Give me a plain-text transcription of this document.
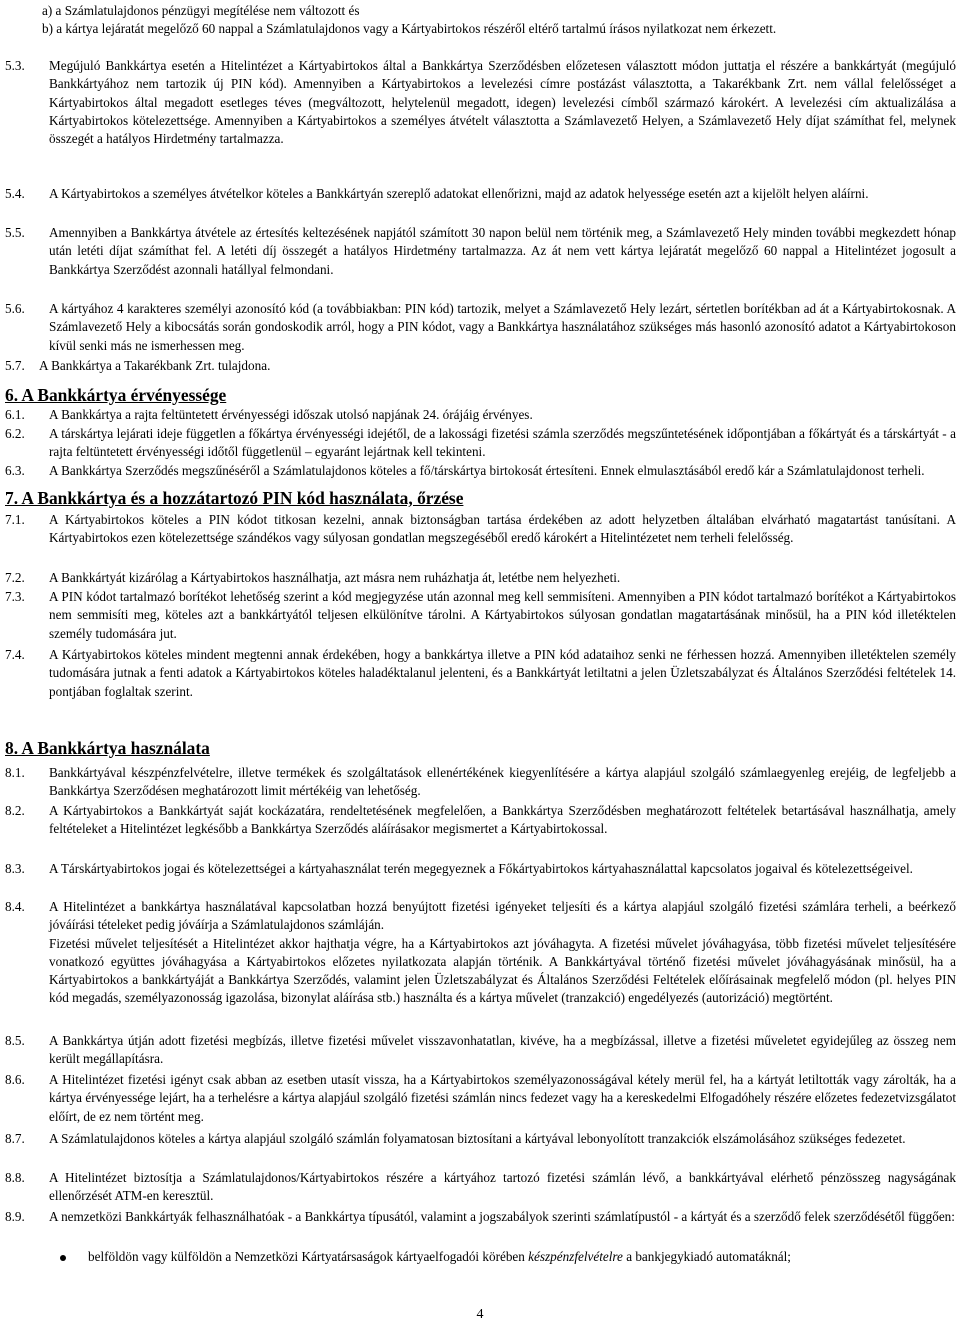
a) a Számlatulajdonos pénzügyi megítélése nem változott és
b) a kártya lejáratát megelőző 60 nappal a Számlatulajdonos vagy a Kártyabirtokos részéről eltérő tartalmú írásos nyilatkozat nem érkezett.
5.3.	Megújuló Bankkártya esetén a Hitelintézet a Kártyabirtokos által a Bankkártya Szerződésben előzetesen választott módon juttatja el részére a bankkártyát (megújuló Bankkártyához nem tartozik új PIN kód). Amennyiben a Kártyabirtokos a levelezési címre postázást választotta, a Takarékbank Zrt. nem vállal felelősséget a Kártyabirtokos által megadott esetleges téves (megváltozott, helytelenül megadott, idegen) levelezési címből származó károkért. A levelezési cím aktualizálása a Kártyabirtokos kötelezettsége. Amennyiben a Kártyabirtokos a személyes átvételt választotta a Számlavezető Helyen, a Számlavezető Hely díjat számíthat fel, melynek összegét a hatályos Hirdetmény tartalmazza.

5.4.	A Kártyabirtokos a személyes átvételkor köteles a Bankkártyán szereplő adatokat ellenőrizni, majd az adatok helyessége esetén azt a kijelölt helyen aláírni.

5.5.	Amennyiben a Bankkártya átvétele az értesítés keltezésének napjától számított 30 napon belül nem történik meg, a Számlavezető Hely minden további megkezdett hónap után letéti díjat számíthat fel. A letéti díj összegét a hatályos Hirdetmény tartalmazza. Az át nem vett kártya lejáratát megelőző 60 nappal a Hitelintézet jogosult a Bankkártya Szerződést azonnali hatállyal felmondani.

5.6.	A kártyához 4 karakteres személyi azonosító kód (a továbbiakban: PIN kód) tartozik, melyet a Számlavezető Hely lezárt, sértetlen borítékban ad át a Kártyabirtokosnak. A Számlavezető Hely a kibocsátás során gondoskodik arról, hogy a PIN kódot, vagy a Bankkártya használatához szükséges más hasonló azonosító adatot a Kártyabirtokoson kívül senki más ne ismerhessen meg.

5.7.	A Bankkártya a Takarékbank Zrt. tulajdona.

6. A Bankkártya érvényessége
6.1.	A Bankkártya a rajta feltüntetett érvényességi időszak utolsó napjának 24. órájáig érvényes.

6.2.	A társkártya lejárati ideje független a főkártya érvényességi idejétől, de a lakossági fizetési számla szerződés megszűntetésének időpontjában a főkártyát és a társkártyát - a rajta feltüntetett érvényességi időtől függetlenül – egyaránt lejártnak kell tekinteni.

6.3.	A Bankkártya Szerződés megszűnéséről a Számlatulajdonos köteles a fő/társkártya birtokosát értesíteni. Ennek elmulasztásából eredő kár a Számlatulajdonost terheli.

7. A Bankkártya és a hozzátartozó PIN kód használata, őrzése
7.1.	A Kártyabirtokos köteles a PIN kódot titkosan kezelni, annak biztonságban tartása érdekében az adott helyzetben általában elvárható magatartást tanúsítani. A Kártyabirtokos ezen kötelezettsége szándékos vagy súlyosan gondatlan megszegéséből eredő károkért a Hitelintézetet nem terheli felelősség.

7.2.	A Bankkártyát kizárólag a Kártyabirtokos használhatja, azt másra nem ruházhatja át, letétbe nem helyezheti.

7.3.	A PIN kódot tartalmazó borítékot lehetőség szerint a kód megjegyzése után azonnal meg kell semmisíteni. Amennyiben a PIN kódot tartalmazó borítékot a Kártyabirtokos nem semmisíti meg, köteles azt a bankkártyától teljesen elkülönítve tárolni. A Kártyabirtokos súlyosan gondatlan magatartásának minősül, ha a PIN kód illetéktelen személy tudomására jut.

7.4.	A Kártyabirtokos köteles mindent megtenni annak érdekében, hogy a bankkártya illetve a PIN kód adataihoz senki ne férhessen hozzá. Amennyiben illetéktelen személy tudomására jutnak a fenti adatok a Kártyabirtokos köteles haladéktalanul jelenteni, és a Bankkártyát letiltatni a jelen Üzletszabályzat és Általános Szerződési feltételek 14. pontjában foglaltak szerint.

8. A Bankkártya használata
8.1.	Bankkártyával készpénzfelvételre, illetve termékek és szolgáltatások ellenértékének kiegyenlítésére a kártya alapjául szolgáló számlaegyenleg erejéig, de legfeljebb a Bankkártya Szerződésen meghatározott limit mértékéig van lehetőség.

8.2.	A Kártyabirtokos a Bankkártyát saját kockázatára, rendeltetésének megfelelően, a Bankkártya Szerződésben meghatározott feltételek betartásával használhatja, amely feltételeket a Hitelintézet legkésőbb a Bankkártya Szerződés aláírásakor megismertet a Kártyabirtokossal.

8.3.	A Társkártyabirtokos jogai és kötelezettségei a kártyahasználat terén megegyeznek a Főkártyabirtokos kártyahasználattal kapcsolatos jogaival és kötelezettségeivel.

8.4.	A Hitelintézet a bankkártya használatával kapcsolatban hozzá benyújtott fizetési igényeket teljesíti és a kártya alapjául szolgáló fizetési számlára terheli, a beérkező jóváírási tételeket pedig jóváírja a Számlatulajdonos számláján.

Fizetési művelet teljesítését a Hitelintézet akkor hajthatja végre, ha a Kártyabirtokos azt jóváhagyta. A fizetési művelet jóváhagyása, több fizetési művelet teljesítésére vonatkozó együttes jóváhagyása a Kártyabirtokos előzetes nyilatkozata alapján történik. A Bankkártyával történő fizetési művelet jóváhagyásának minősül, ha a Kártyabirtokos a bankkártyáját a Bankkártya Szerződés, valamint jelen Üzletszabályzat és Általános Szerződési Feltételek előírásainak megfelelő módon (pl. helyes PIN kód megadás, személyazonosság igazolása, bizonylat aláírása stb.) használta és a kártya művelet (tranzakció) engedélyezés (autorizáció) megtörtént.

8.5.	A Bankkártya útján adott fizetési megbízás, illetve fizetési művelet visszavonhatatlan, kivéve, ha a megbízással, illetve a fizetési műveletet egyidejűleg az összeg nem került megállapításra.

8.6.	A Hitelintézet fizetési igényt csak abban az esetben utasít vissza, ha a Kártyabirtokos személyazonosságával kétely merül fel, ha a kártyát letiltották vagy zárolták, ha a kártya érvényessége lejárt, ha a terhelésre a kártya alapjául szolgáló fizetési számlán nincs fedezet vagy ha a kereskedelmi Elfogadóhely részére előzetes fedezetvizsgálatot előírt, de ez nem történt meg.

8.7.	A Számlatulajdonos köteles a kártya alapjául szolgáló számlán folyamatosan biztosítani a kártyával lebonyolított tranzakciók elszámolásához szükséges fedezetet.

8.8.	A Hitelintézet biztosítja a Számlatulajdonos/Kártyabirtokos részére a kártyához tartozó fizetési számlán lévő, a bankkártyával elérhető pénzösszeg nagyságának ellenőrzését ATM-en keresztül.

8.9.	A nemzetközi Bankkártyák felhasználhatóak - a Bankkártya típusától, valamint a jogszabályok szerinti számlatípustól - a kártyát és a szerződő felek szerződésétől függően:

belföldön vagy külföldön a Nemzetközi Kártyatársaságok kártyaelfogadói körében készpénzfelvételre a bankjegykiadó automatáknál;
4
